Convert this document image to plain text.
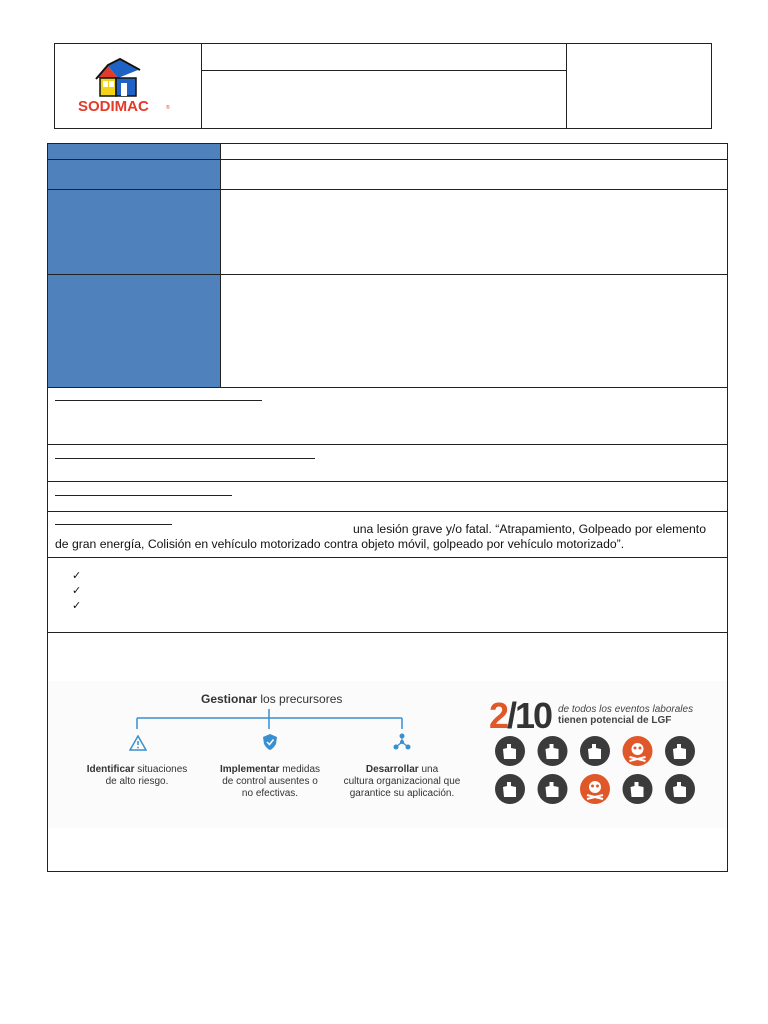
SODIMAC	®
una lesión grave y/o fatal. “Atrapamiento, Golpeado por elemento
de gran energía, Colisión en vehículo motorizado contra objeto móvil, golpeado por vehículo motorizado”.
✓
✓
✓
Gestionar los precursores
Identificar situaciones
de alto riesgo.
Implementar medidas
de control ausentes o
no efectivas.
Desarrollar una
cultura organizacional que
garantice su aplicación.
2/10 de todos los eventos laborales
tienen potencial de LGF
